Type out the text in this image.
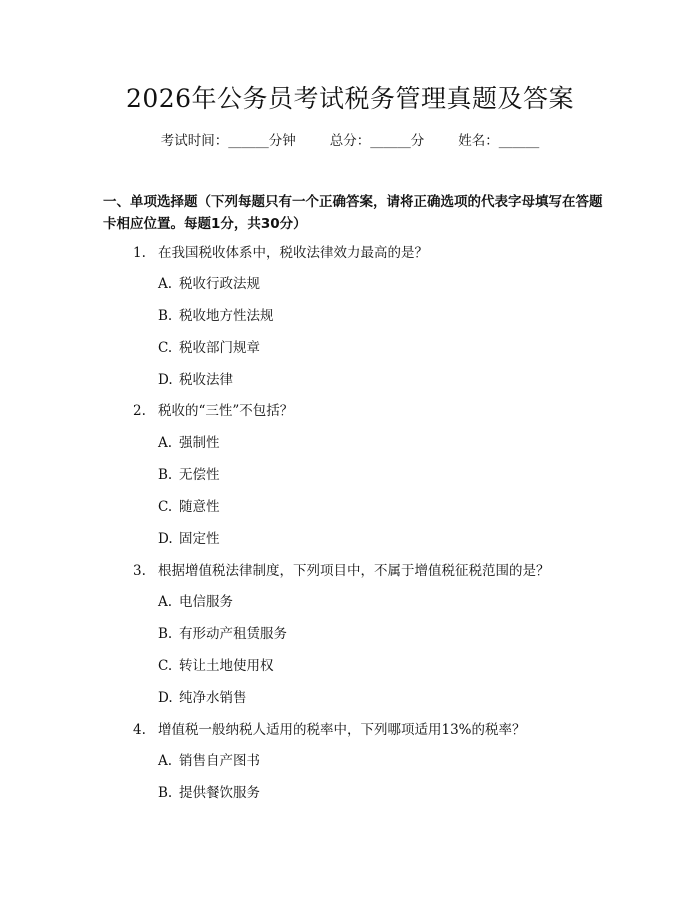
2026年公务员考试税务管理真题及答案
考试时间：______分钟	总分：______分	姓名：______
一、单项选择题（下列每题只有一个正确答案，请将正确选项的代表字母填写在答题卡相应位置。每题1分，共30分）
1. 在我国税收体系中，税收法律效力最高的是？
A. 税收行政法规
B. 税收地方性法规
C. 税收部门规章
D. 税收法律
2. 税收的“三性”不包括？
A. 强制性
B. 无偿性
C. 随意性
D. 固定性
3. 根据增值税法律制度，下列项目中，不属于增值税征税范围的是？
A. 电信服务
B. 有形动产租赁服务
C. 转让土地使用权
D. 纯净水销售
4. 增值税一般纳税人适用的税率中，下列哪项适用13%的税率？
A. 销售自产图书
B. 提供餐饮服务
